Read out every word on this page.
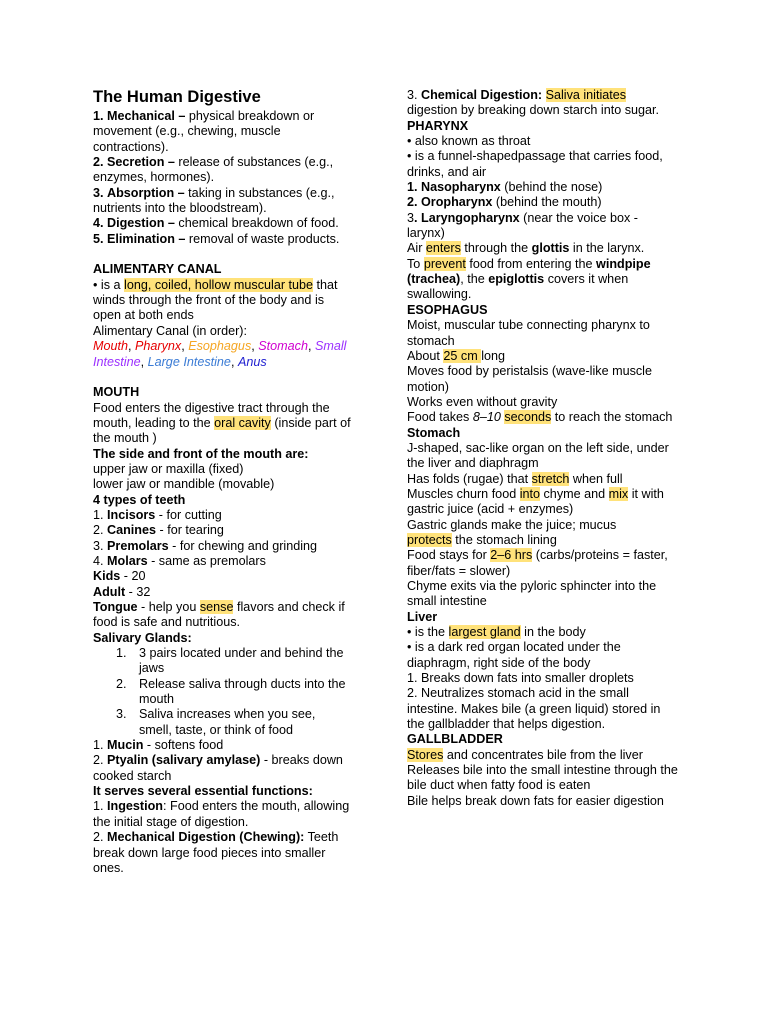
The Human Digestive
1. Mechanical – physical breakdown or movement (e.g., chewing, muscle contractions).
2. Secretion – release of substances (e.g., enzymes, hormones).
3. Absorption – taking in substances (e.g., nutrients into the bloodstream).
4. Digestion – chemical breakdown of food.
5. Elimination – removal of waste products.
ALIMENTARY CANAL
• is a long, coiled, hollow muscular tube that winds through the front of the body and is open at both ends
Alimentary Canal (in order):
Mouth, Pharynx, Esophagus, Stomach, Small Intestine, Large Intestine, Anus
MOUTH
Food enters the digestive tract through the mouth, leading to the oral cavity (inside part of the mouth )
The side and front of the mouth are:
upper jaw or maxilla (fixed)
lower jaw or mandible (movable)
4 types of teeth
1. Incisors - for cutting
2. Canines - for tearing
3. Premolars - for chewing and grinding
4. Molars - same as premolars
Kids - 20
Adult - 32
Tongue - help you sense flavors and check if food is safe and nutritious.
Salivary Glands:
1. 3 pairs located under and behind the jaws
2. Release saliva through ducts into the mouth
3. Saliva increases when you see, smell, taste, or think of food
1. Mucin - softens food
2. Ptyalin (salivary amylase) - breaks down cooked starch
It serves several essential functions:
1. Ingestion: Food enters the mouth, allowing the initial stage of digestion.
2. Mechanical Digestion (Chewing): Teeth break down large food pieces into smaller ones.
3. Chemical Digestion: Saliva initiates digestion by breaking down starch into sugar.
PHARYNX
• also known as throat
• is a funnel-shapedpassage that carries food, drinks, and air
1. Nasopharynx (behind the nose)
2. Oropharynx (behind the mouth)
3. Laryngopharynx (near the voice box - larynx)
Air enters through the glottis in the larynx.
To prevent food from entering the windpipe (trachea), the epiglottis covers it when swallowing.
ESOPHAGUS
Moist, muscular tube connecting pharynx to stomach
About 25 cm long
Moves food by peristalsis (wave-like muscle motion)
Works even without gravity
Food takes 8–10 seconds to reach the stomach
Stomach
J-shaped, sac-like organ on the left side, under the liver and diaphragm
Has folds (rugae) that stretch when full
Muscles churn food into chyme and mix it with gastric juice (acid + enzymes)
Gastric glands make the juice; mucus
protects the stomach lining
Food stays for 2–6 hrs (carbs/proteins = faster, fiber/fats = slower)
Chyme exits via the pyloric sphincter into the small intestine
Liver
• is the largest gland in the body
• is a dark red organ located under the diaphragm, right side of the body
1. Breaks down fats into smaller droplets
2. Neutralizes stomach acid in the small intestine. Makes bile (a green liquid) stored in the gallbladder that helps digestion.
GALLBLADDER
Stores and concentrates bile from the liver
Releases bile into the small intestine through the bile duct when fatty food is eaten
Bile helps break down fats for easier digestion
